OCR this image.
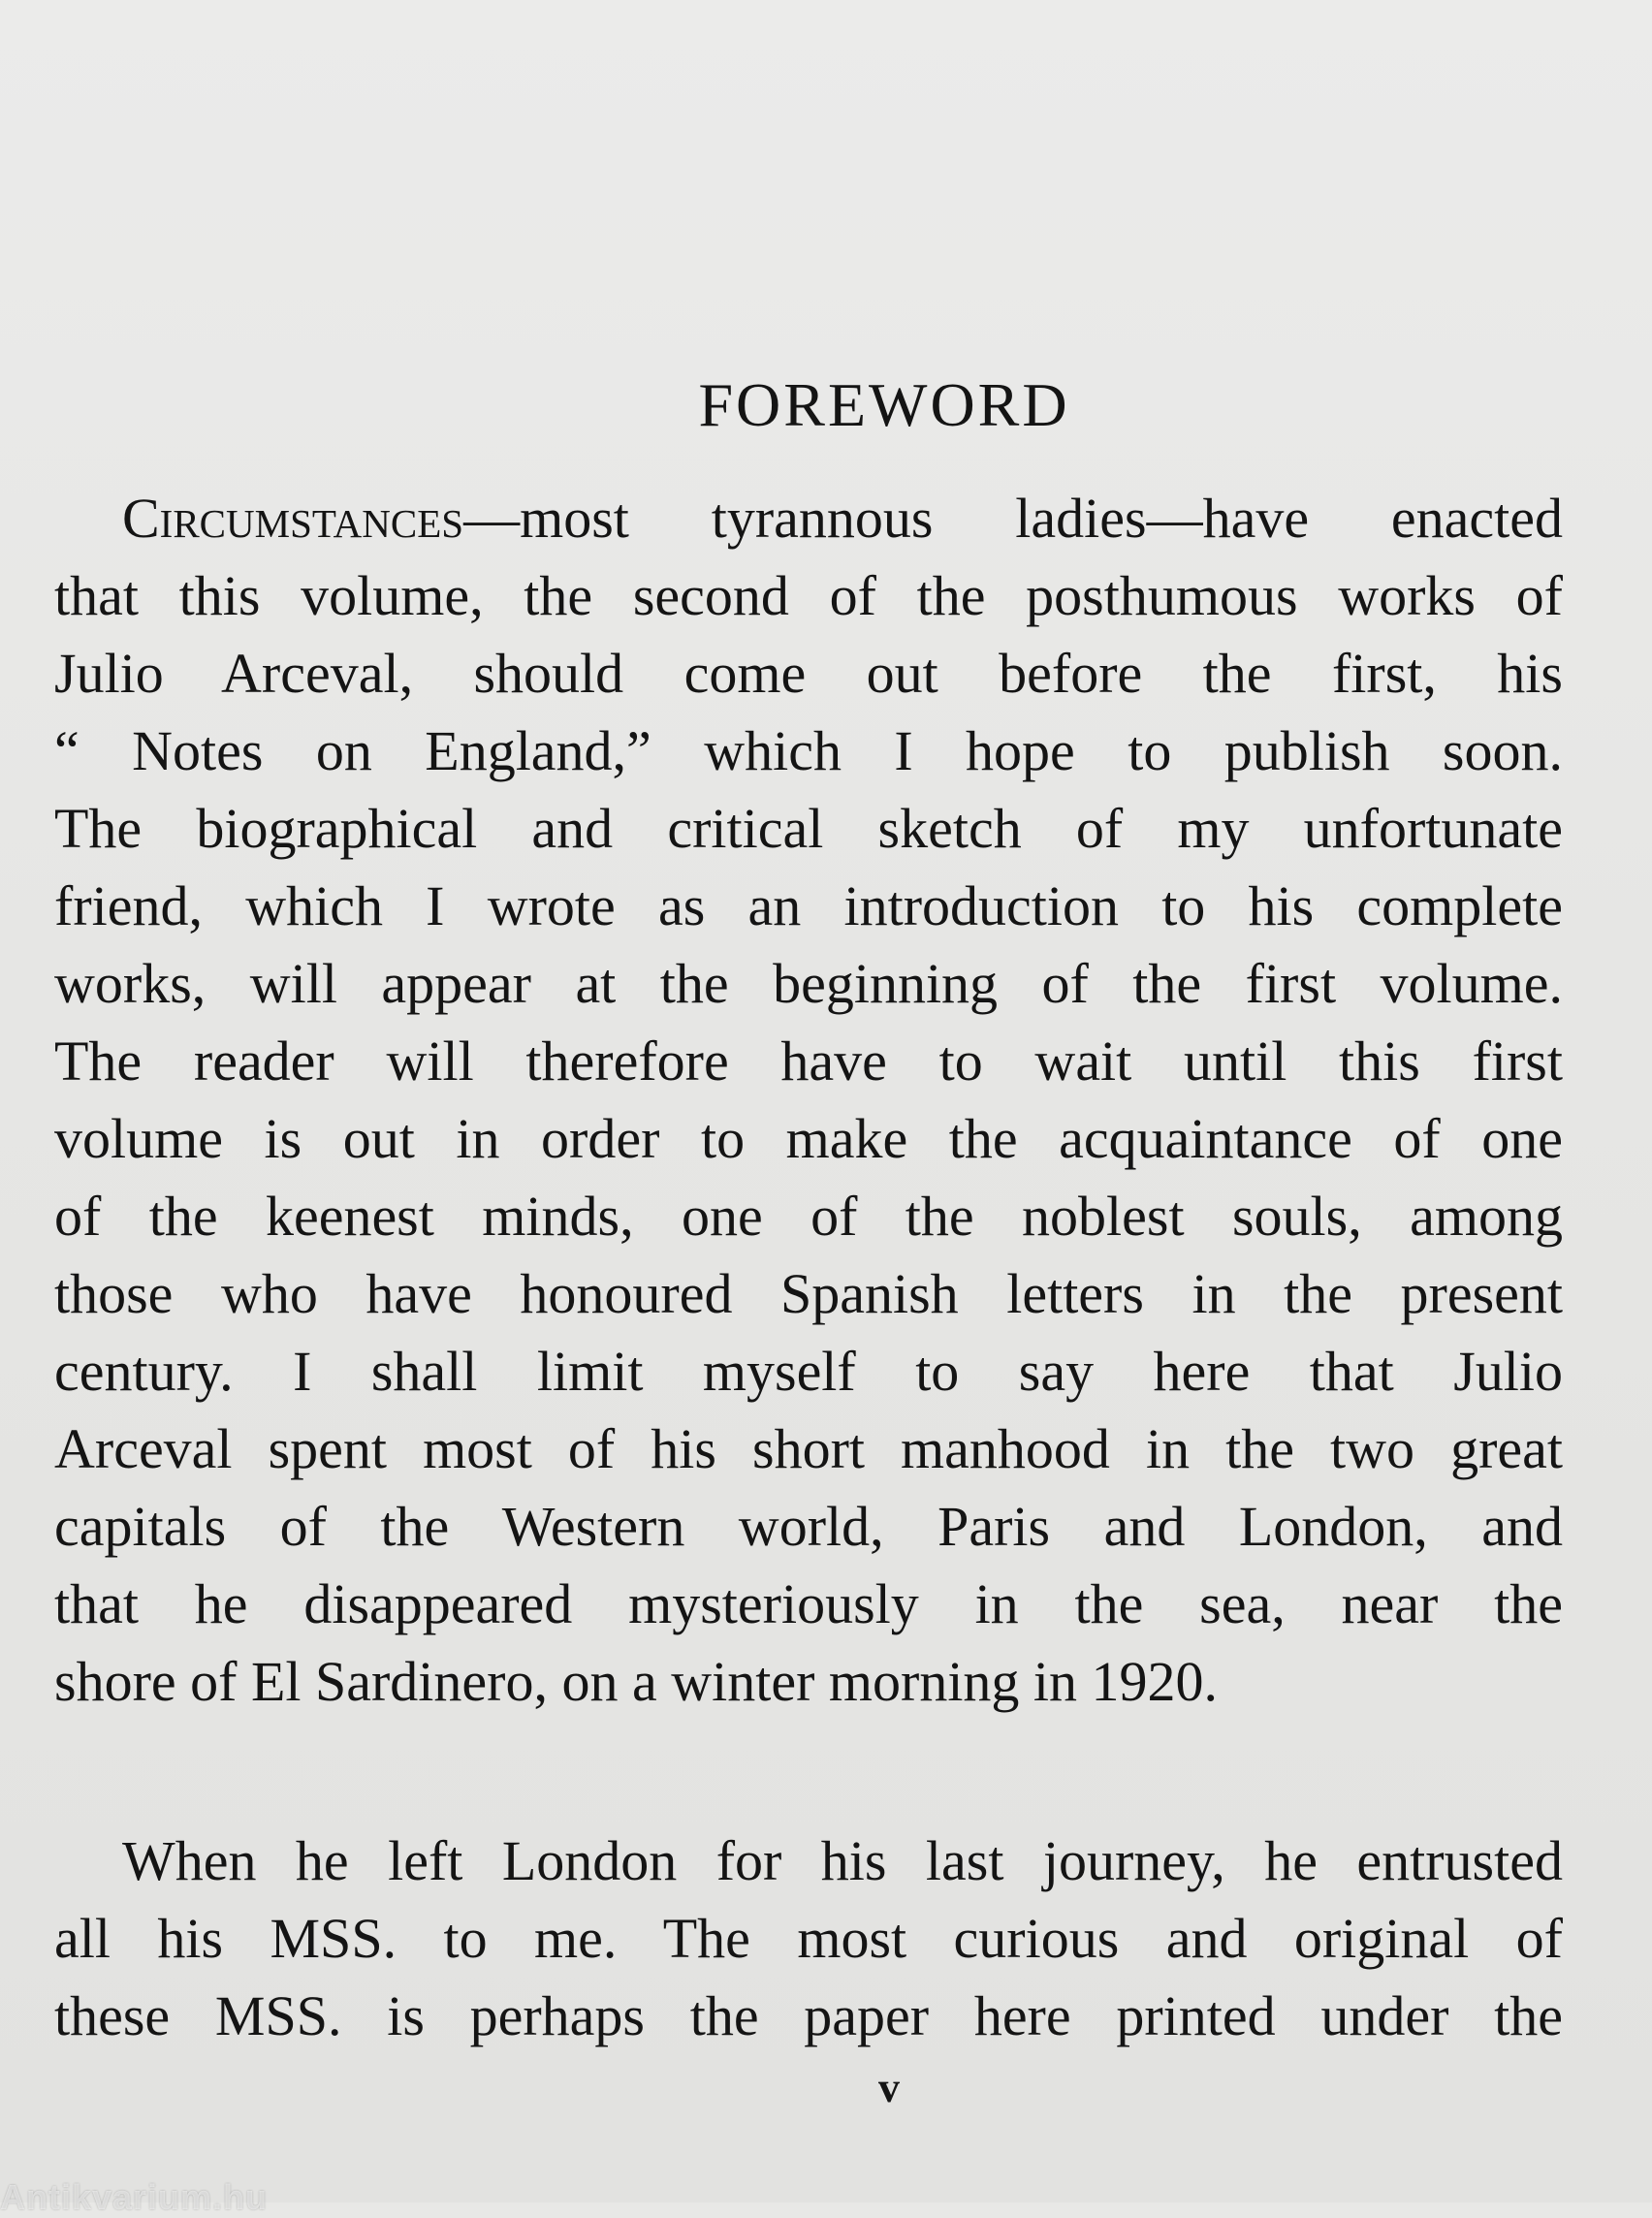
FOREWORD
Circumstances—most tyrannous ladies—have enacted
that this volume, the second of the posthumous works of
Julio Arceval, should come out before the first, his
“ Notes on England,” which I hope to publish soon.
The biographical and critical sketch of my unfortunate
friend, which I wrote as an introduction to his complete
works, will appear at the beginning of the first volume.
The reader will therefore have to wait until this first
volume is out in order to make the acquaintance of one
of the keenest minds, one of the noblest souls, among
those who have honoured Spanish letters in the present
century. I shall limit myself to say here that Julio
Arceval spent most of his short manhood in the two great
capitals of the Western world, Paris and London, and
that he disappeared mysteriously in the sea, near the
shore of El Sardinero, on a winter morning in 1920.
When he left London for his last journey, he entrusted
all his MSS. to me. The most curious and original of
these MSS. is perhaps the paper here printed under the
v
Antikvarium.hu
